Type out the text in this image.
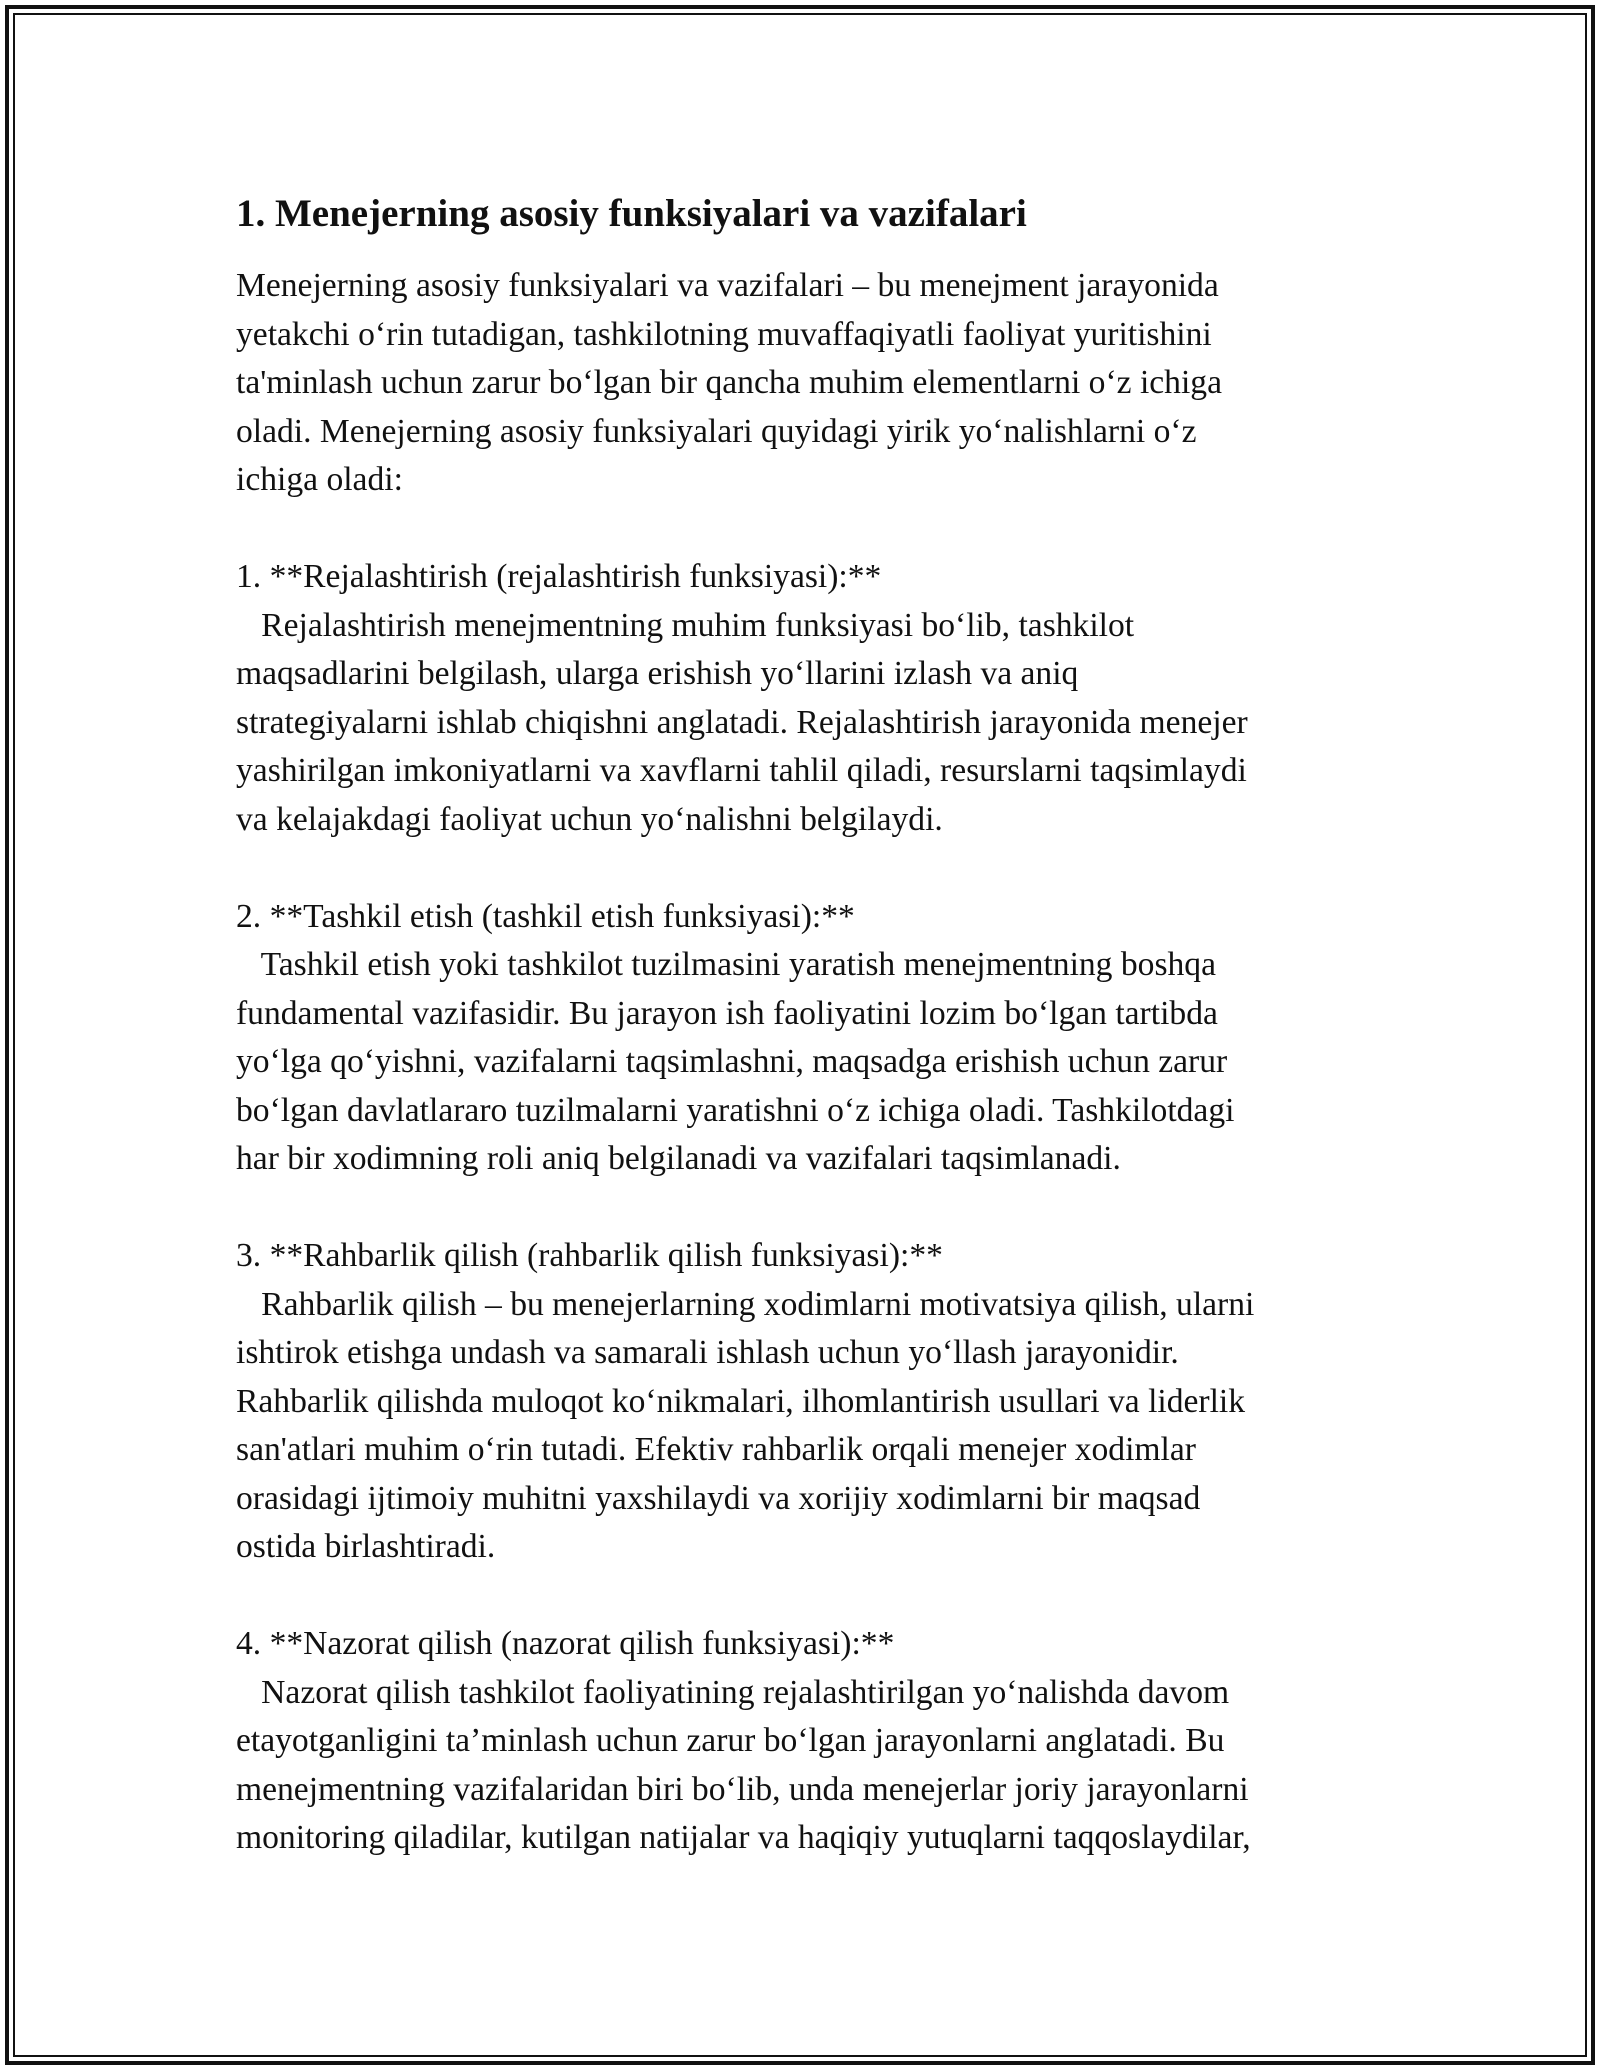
1. Menejerning asosiy funksiyalari va vazifalari
Menejerning asosiy funksiyalari va vazifalari – bu menejment jarayonida
yetakchi o‘rin tutadigan, tashkilotning muvaffaqiyatli faoliyat yuritishini
ta'minlash uchun zarur bo‘lgan bir qancha muhim elementlarni o‘z ichiga
oladi. Menejerning asosiy funksiyalari quyidagi yirik yo‘nalishlarni o‘z
ichiga oladi:
1. **Rejalashtirish (rejalashtirish funksiyasi):**
Rejalashtirish menejmentning muhim funksiyasi bo‘lib, tashkilot
maqsadlarini belgilash, ularga erishish yo‘llarini izlash va aniq
strategiyalarni ishlab chiqishni anglatadi. Rejalashtirish jarayonida menejer
yashirilgan imkoniyatlarni va xavflarni tahlil qiladi, resurslarni taqsimlaydi
va kelajakdagi faoliyat uchun yo‘nalishni belgilaydi.
2. **Tashkil etish (tashkil etish funksiyasi):**
Tashkil etish yoki tashkilot tuzilmasini yaratish menejmentning boshqa
fundamental vazifasidir. Bu jarayon ish faoliyatini lozim bo‘lgan tartibda
yo‘lga qo‘yishni, vazifalarni taqsimlashni, maqsadga erishish uchun zarur
bo‘lgan davlatlararo tuzilmalarni yaratishni o‘z ichiga oladi. Tashkilotdagi
har bir xodimning roli aniq belgilanadi va vazifalari taqsimlanadi.
3. **Rahbarlik qilish (rahbarlik qilish funksiyasi):**
Rahbarlik qilish – bu menejerlarning xodimlarni motivatsiya qilish, ularni
ishtirok etishga undash va samarali ishlash uchun yo‘llash jarayonidir.
Rahbarlik qilishda muloqot ko‘nikmalari, ilhomlantirish usullari va liderlik
san'atlari muhim o‘rin tutadi. Efektiv rahbarlik orqali menejer xodimlar
orasidagi ijtimoiy muhitni yaxshilaydi va xorijiy xodimlarni bir maqsad
ostida birlashtiradi.
4. **Nazorat qilish (nazorat qilish funksiyasi):**
Nazorat qilish tashkilot faoliyatining rejalashtirilgan yo‘nalishda davom
etayotganligini ta’minlash uchun zarur bo‘lgan jarayonlarni anglatadi. Bu
menejmentning vazifalaridan biri bo‘lib, unda menejerlar joriy jarayonlarni
monitoring qiladilar, kutilgan natijalar va haqiqiy yutuqlarni taqqoslaydilar,
